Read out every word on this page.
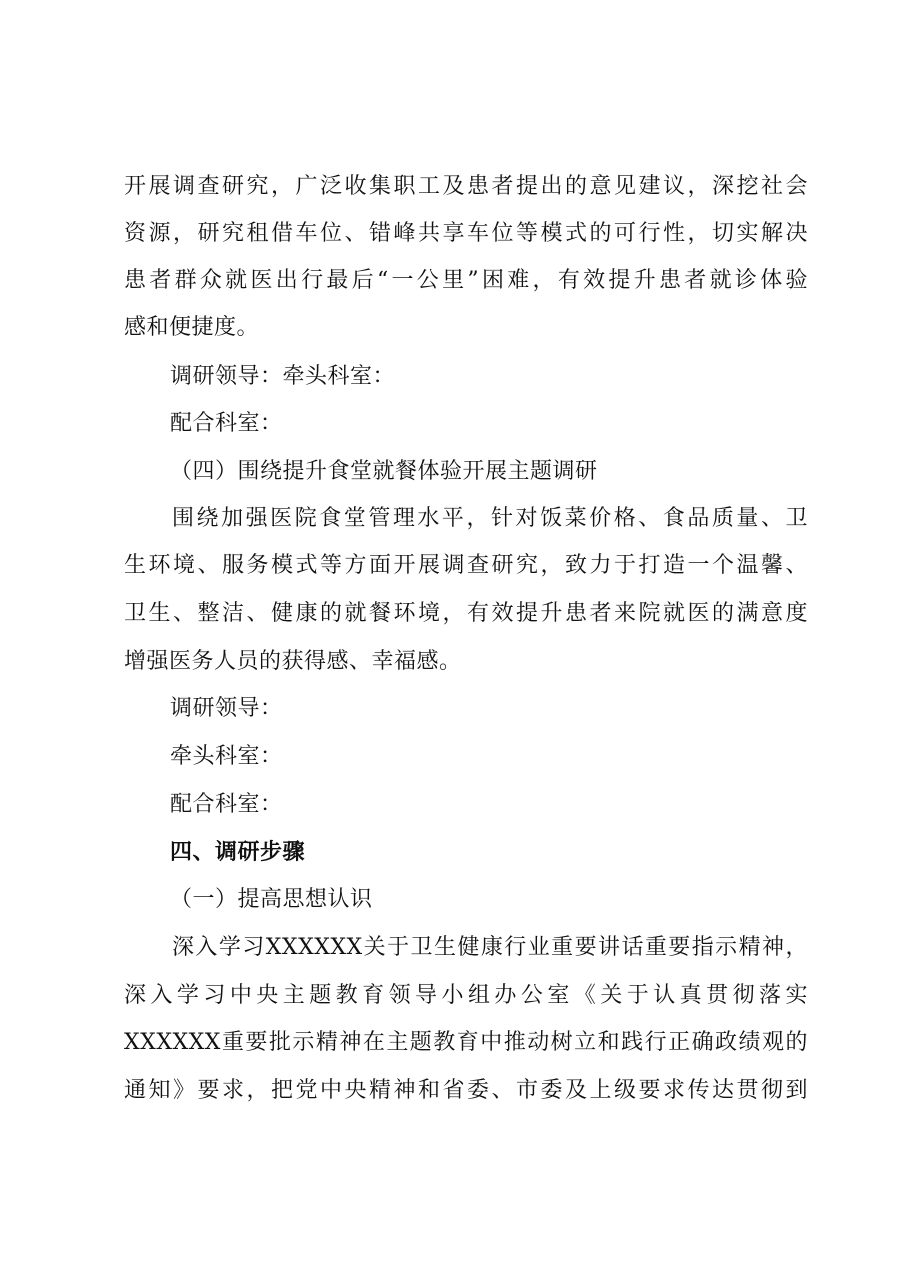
开展调查研究，广泛收集职工及患者提出的意见建议，深挖社会
资源，研究租借车位、错峰共享车位等模式的可行性，切实解决
患者群众就医出行最后“一公里”困难，有效提升患者就诊体验
感和便捷度。
调研领导：牵头科室：
配合科室：
（四）围绕提升食堂就餐体验开展主题调研
围绕加强医院食堂管理水平，针对饭菜价格、食品质量、卫
生环境、服务模式等方面开展调查研究，致力于打造一个温馨、
卫生、整洁、健康的就餐环境，有效提升患者来院就医的满意度
增强医务人员的获得感、幸福感。
调研领导：
牵头科室：
配合科室：
四、调研步骤
（一）提高思想认识
深入学习XXXXXX关于卫生健康行业重要讲话重要指示精神，
深入学习中央主题教育领导小组办公室《关于认真贯彻落实
XXXXXX重要批示精神在主题教育中推动树立和践行正确政绩观的
通知》要求，把党中央精神和省委、市委及上级要求传达贯彻到
